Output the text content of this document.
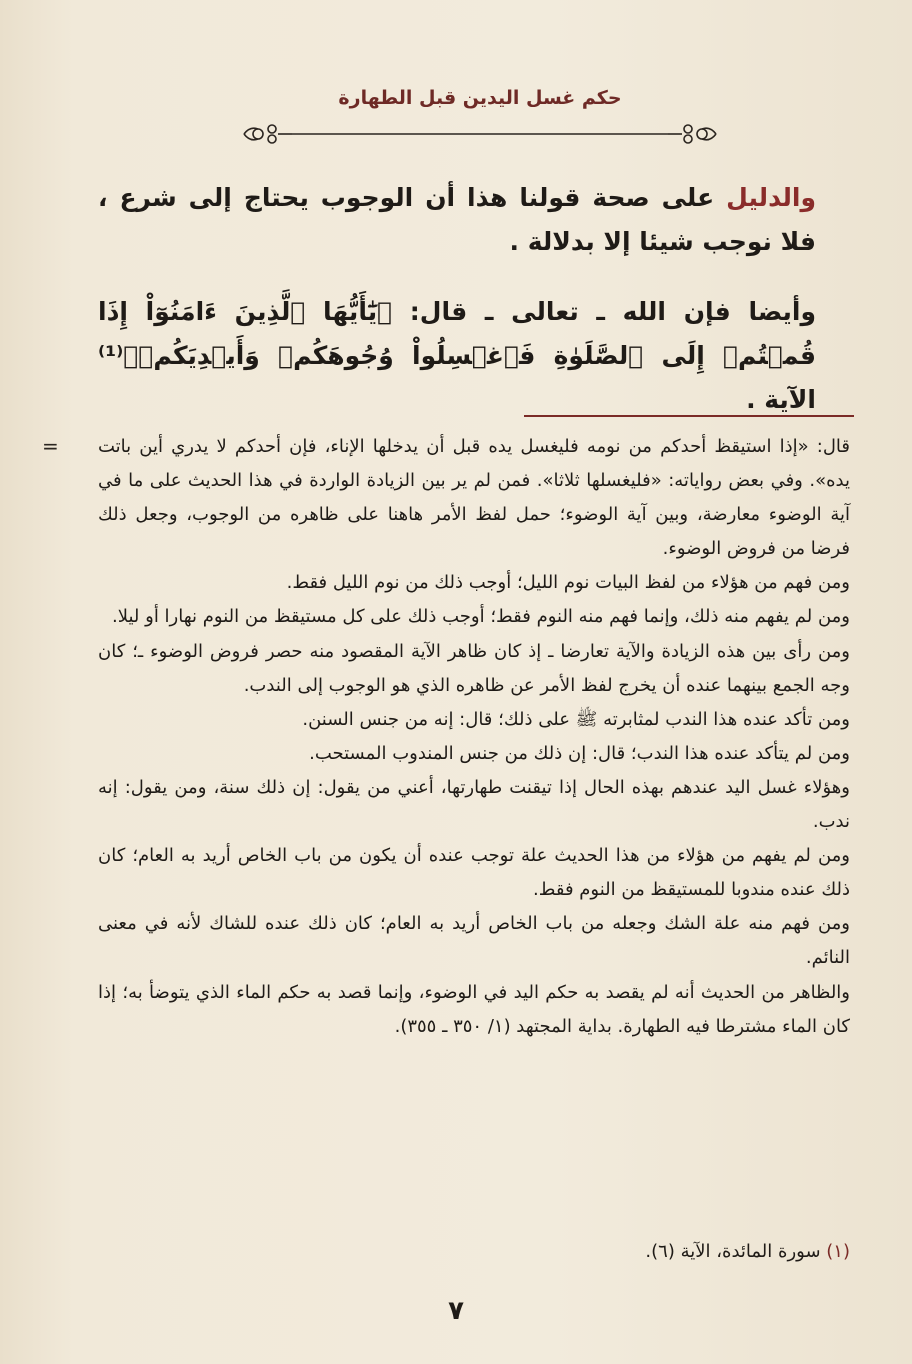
حكم غسل اليدين قبل الطهارة

والدليل على صحة قولنا هذا أن الوجوب يحتاج إلى شرع ، فلا نوجب شيئا إلا بدلالة .

وأيضا فإن الله ـ تعالى ـ قال: ﴿يَٰٓأَيُّهَا ٱلَّذِينَ ءَامَنُوٓاْ إِذَا قُمۡتُمۡ إِلَى ٱلصَّلَوٰةِ فَٱغۡسِلُواْ وُجُوهَكُمۡ وَأَيۡدِيَكُمۡ﴾⁽¹⁾ الآية .

= قال: «إذا استيقظ أحدكم من نومه فليغسل يده قبل أن يدخلها الإناء، فإن أحدكم لا يدري أين باتت يده». وفي بعض رواياته: «فليغسلها ثلاثا». فمن لم ير بين الزيادة الواردة في هذا الحديث على ما في آية الوضوء معارضة، وبين آية الوضوء؛ حمل لفظ الأمر هاهنا على ظاهره من الوجوب، وجعل ذلك فرضا من فروض الوضوء.

ومن فهم من هؤلاء من لفظ البيات نوم الليل؛ أوجب ذلك من نوم الليل فقط.

ومن لم يفهم منه ذلك، وإنما فهم منه النوم فقط؛ أوجب ذلك على كل مستيقظ من النوم نهارا أو ليلا.

ومن رأى بين هذه الزيادة والآية تعارضا ـ إذ كان ظاهر الآية المقصود منه حصر فروض الوضوء ـ؛ كان وجه الجمع بينهما عنده أن يخرج لفظ الأمر عن ظاهره الذي هو الوجوب إلى الندب.

ومن تأكد عنده هذا الندب لمثابرته ﷺ على ذلك؛ قال: إنه من جنس السنن.

ومن لم يتأكد عنده هذا الندب؛ قال: إن ذلك من جنس المندوب المستحب.

وهؤلاء غسل اليد عندهم بهذه الحال إذا تيقنت طهارتها، أعني من يقول: إن ذلك سنة، ومن يقول: إنه ندب.

ومن لم يفهم من هؤلاء من هذا الحديث علة توجب عنده أن يكون من باب الخاص أريد به العام؛ كان ذلك عنده مندوبا للمستيقظ من النوم فقط.

ومن فهم منه علة الشك وجعله من باب الخاص أريد به العام؛ كان ذلك عنده للشاك لأنه في معنى النائم.

والظاهر من الحديث أنه لم يقصد به حكم اليد في الوضوء، وإنما قصد به حكم الماء الذي يتوضأ به؛ إذا كان الماء مشترطا فيه الطهارة. بداية المجتهد (١/ ٣٥٠ ـ ٣٥٥).

(١) سورة المائدة، الآية (٦).
٧
